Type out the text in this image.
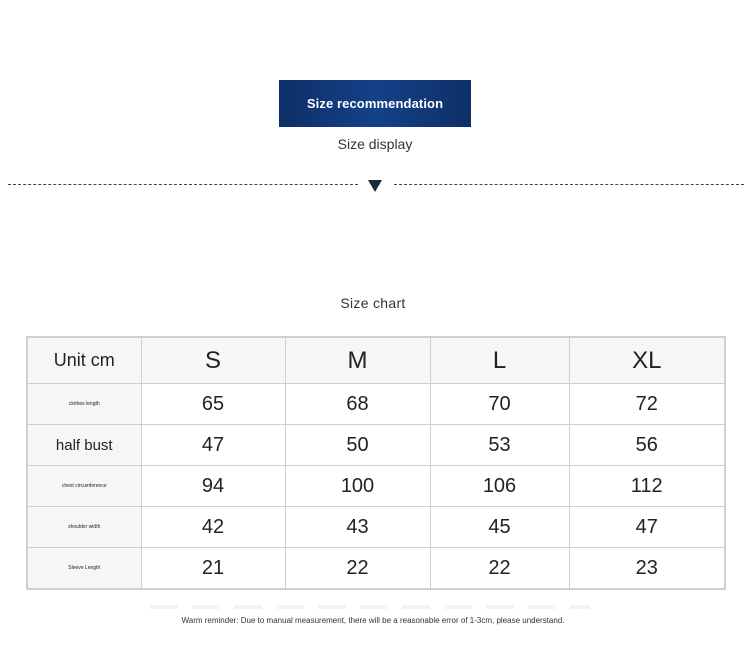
Size recommendation
Size display
Size chart
Unit cm	S	M	L	XL
clothes length	65	68	70	72
half bust	47	50	53	56
chest circumference	94	100	106	112
shoulder width	42	43	45	47
Sleeve Length	21	22	22	23
Warm reminder: Due to manual measurement, there will be a reasonable error of 1-3cm, please understand.
